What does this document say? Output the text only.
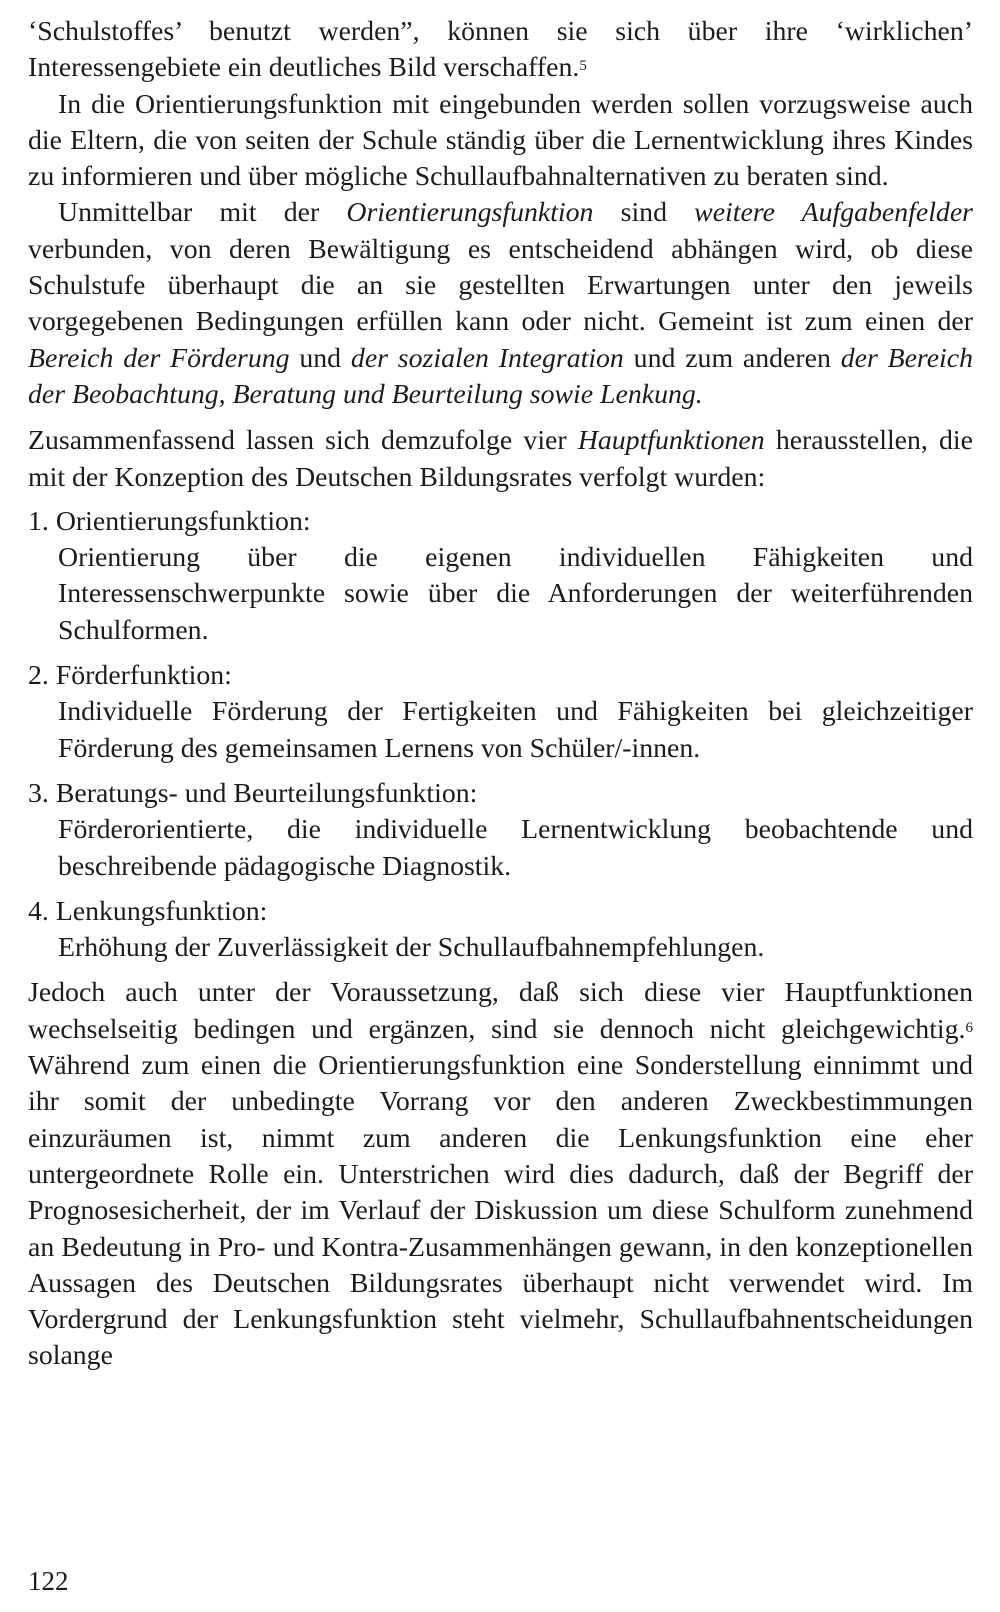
‘Schulstoffes’ benutzt werden”, können sie sich über ihre ‘wirklichen’ Interessengebiete ein deutliches Bild verschaffen.$^5$

In die Orientierungsfunktion mit eingebunden werden sollen vorzugsweise auch die Eltern, die von seiten der Schule ständig über die Lernentwicklung ihres Kindes zu informieren und über mögliche Schullaufbahnalternativen zu beraten sind.

Unmittelbar mit der Orientierungsfunktion sind weitere Aufgabenfelder verbunden, von deren Bewältigung es entscheidend abhängen wird, ob diese Schulstufe überhaupt die an sie gestellten Erwartungen unter den jeweils vorgegebenen Bedingungen erfüllen kann oder nicht. Gemeint ist zum einen der Bereich der Förderung und der sozialen Integration und zum anderen der Bereich der Beobachtung, Beratung und Beurteilung sowie Lenkung.

Zusammenfassend lassen sich demzufolge vier Hauptfunktionen herausstellen, die mit der Konzeption des Deutschen Bildungsrates verfolgt wurden:

1. Orientierungsfunktion:

Orientierung über die eigenen individuellen Fähigkeiten und Interessenschwerpunkte sowie über die Anforderungen der weiterführenden Schulformen.

2. Förderfunktion:

Individuelle Förderung der Fertigkeiten und Fähigkeiten bei gleichzeitiger Förderung des gemeinsamen Lernens von Schüler/-innen.

3. Beratungs- und Beurteilungsfunktion:

Förderorientierte, die individuelle Lernentwicklung beobachtende und beschreibende pädagogische Diagnostik.

4. Lenkungsfunktion:

Erhöhung der Zuverlässigkeit der Schullaufbahnempfehlungen.

Jedoch auch unter der Voraussetzung, daß sich diese vier Hauptfunktionen wechselseitig bedingen und ergänzen, sind sie dennoch nicht gleichgewichtig.$^6$ Während zum einen die Orientierungsfunktion eine Sonderstellung einnimmt und ihr somit der unbedingte Vorrang vor den anderen Zweckbestimmungen einzuräumen ist, nimmt zum anderen die Lenkungsfunktion eine eher untergeordnete Rolle ein. Unterstrichen wird dies dadurch, daß der Begriff der Prognosesicherheit, der im Verlauf der Diskussion um diese Schulform zunehmend an Bedeutung in Pro- und Kontra-Zusammenhängen gewann, in den konzeptionellen Aussagen des Deutschen Bildungsrates überhaupt nicht verwendet wird. Im Vordergrund der Lenkungsfunktion steht vielmehr, Schullaufbahnentscheidungen solange

122
